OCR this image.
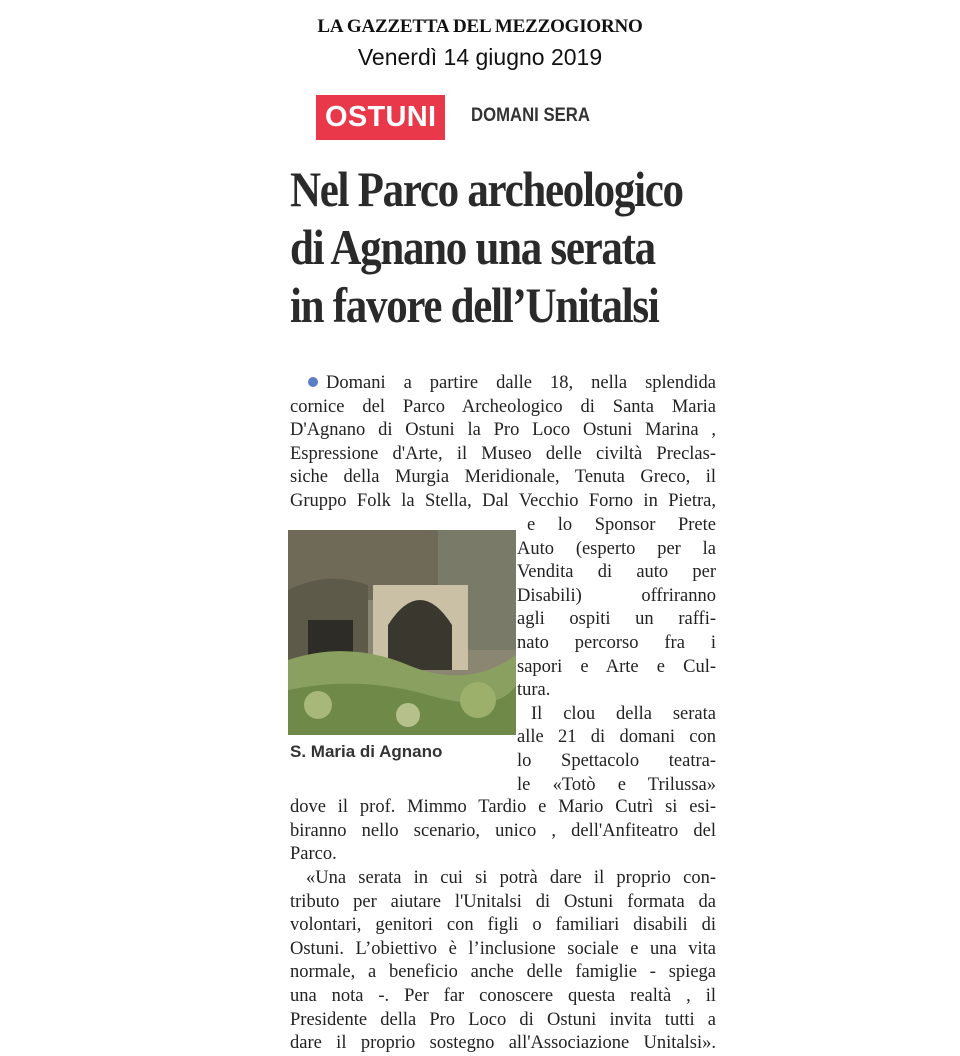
LA GAZZETTA DEL MEZZOGIORNO
Venerdì 14 giugno 2019
OSTUNI	DOMANI SERA
Nel Parco archeologico
di Agnano una serata
in favore dell’Unitalsi
Domani a partire dalle 18, nella splendida
cornice del Parco Archeologico di Santa Maria
D'Agnano di Ostuni la Pro Loco Ostuni Marina ,
Espressione d'Arte, il Museo delle civiltà Preclas-
siche della Murgia Meridionale, Tenuta Greco, il
Gruppo Folk la Stella, Dal Vecchio Forno in Pietra,
S. Maria di Agnano
e lo Sponsor Prete
Auto (esperto per la
Vendita di auto per
Disabili) offriranno
agli ospiti un raffi-
nato percorso fra i
sapori e Arte e Cul-
tura.
Il clou della serata
alle 21 di domani con
lo Spettacolo teatra-
le «Totò e Trilussa»
dove il prof. Mimmo Tardio e Mario Cutrì si esi-
biranno nello scenario, unico , dell'Anfiteatro del
Parco.
«Una serata in cui si potrà dare il proprio con-
tributo per aiutare l'Unitalsi di Ostuni formata da
volontari, genitori con figli o familiari disabili di
Ostuni. L’obiettivo è l’inclusione sociale e una vita
normale, a beneficio anche delle famiglie - spiega
una nota -. Per far conoscere questa realtà , il
Presidente della Pro Loco di Ostuni invita tutti a
dare il proprio sostegno all'Associazione Unitalsi».
